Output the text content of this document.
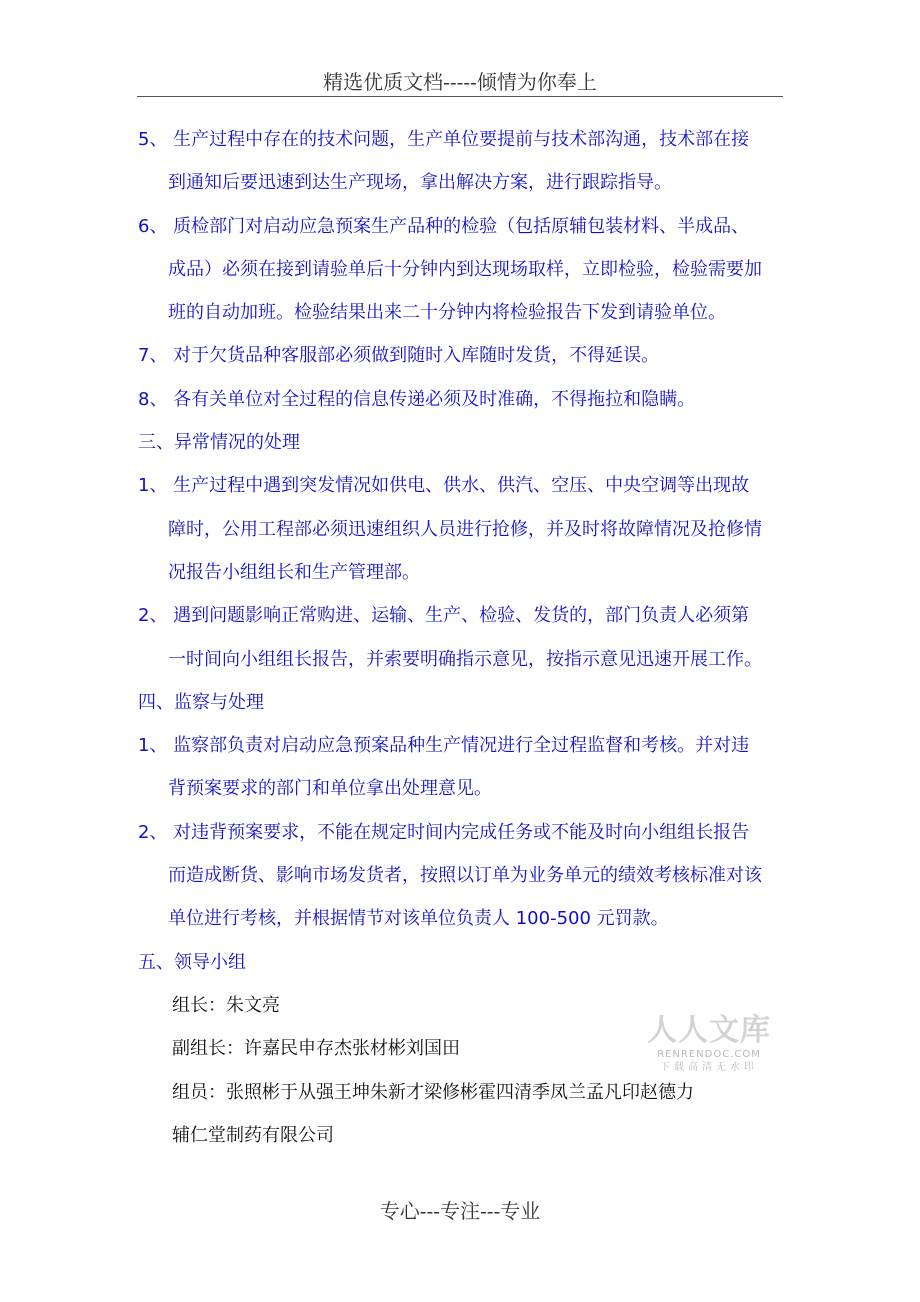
精选优质文档-----倾情为你奉上
5、 生产过程中存在的技术问题，生产单位要提前与技术部沟通，技术部在接
到通知后要迅速到达生产现场，拿出解决方案，进行跟踪指导。
6、 质检部门对启动应急预案生产品种的检验（包括原辅包装材料、半成品、
成品）必须在接到请验单后十分钟内到达现场取样，立即检验，检验需要加
班的自动加班。检验结果出来二十分钟内将检验报告下发到请验单位。
7、 对于欠货品种客服部必须做到随时入库随时发货，不得延误。
8、 各有关单位对全过程的信息传递必须及时准确，不得拖拉和隐瞒。
三、异常情况的处理
1、 生产过程中遇到突发情况如供电、供水、供汽、空压、中央空调等出现故
障时，公用工程部必须迅速组织人员进行抢修，并及时将故障情况及抢修情
况报告小组组长和生产管理部。
2、 遇到问题影响正常购进、运输、生产、检验、发货的，部门负责人必须第
一时间向小组组长报告，并索要明确指示意见，按指示意见迅速开展工作。
四、监察与处理
1、 监察部负责对启动应急预案品种生产情况进行全过程监督和考核。并对违
背预案要求的部门和单位拿出处理意见。
2、 对违背预案要求，不能在规定时间内完成任务或不能及时向小组组长报告
而造成断货、影响市场发货者，按照以订单为业务单元的绩效考核标准对该
单位进行考核，并根据情节对该单位负责人 100-500 元罚款。
五、领导小组
组长：朱文亮
副组长：许嘉民申存杰张材彬刘国田
组员：张照彬于从强王坤朱新才梁修彬霍四清季凤兰孟凡印赵德力
辅仁堂制药有限公司
人人文库
RENRENDOC.COM
下载高清无水印
专心---专注---专业
